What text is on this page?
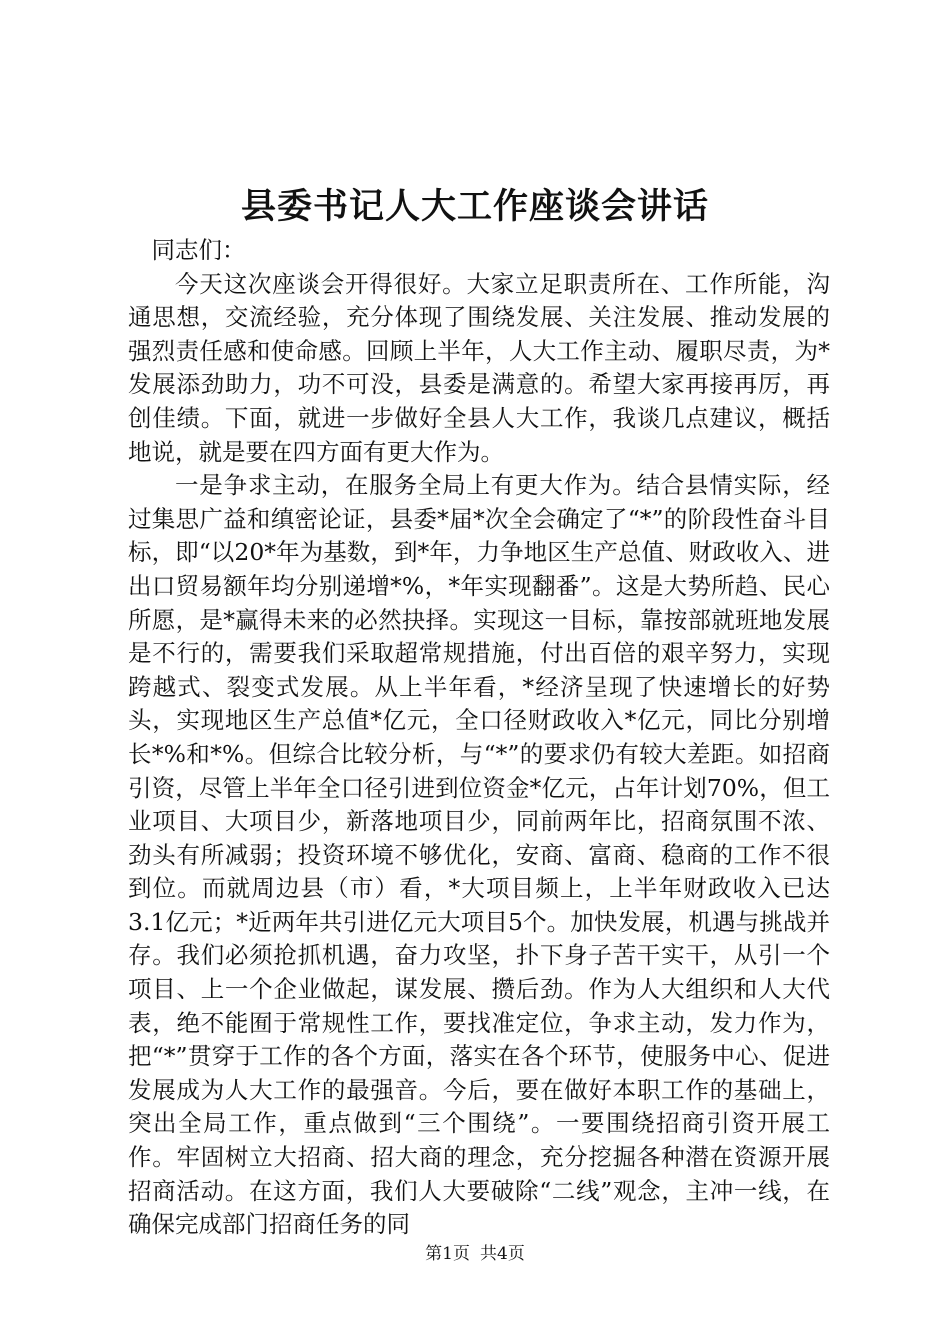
县委书记人大工作座谈会讲话

同志们：

今天这次座谈会开得很好。大家立足职责所在、工作所能，沟通思想，交流经验，充分体现了围绕发展、关注发展、推动发展的强烈责任感和使命感。回顾上半年，人大工作主动、履职尽责，为*发展添劲助力，功不可没，县委是满意的。希望大家再接再厉，再创佳绩。下面，就进一步做好全县人大工作，我谈几点建议，概括地说，就是要在四方面有更大作为。

一是争求主动，在服务全局上有更大作为。结合县情实际，经过集思广益和缜密论证，县委*届*次全会确定了“*”的阶段性奋斗目标，即“以20*年为基数，到*年，力争地区生产总值、财政收入、进出口贸易额年均分别递增*%，*年实现翻番”。这是大势所趋、民心所愿，是*赢得未来的必然抉择。实现这一目标，靠按部就班地发展是不行的，需要我们采取超常规措施，付出百倍的艰辛努力，实现跨越式、裂变式发展。从上半年看，*经济呈现了快速增长的好势头，实现地区生产总值*亿元，全口径财政收入*亿元，同比分别增长*%和*%。但综合比较分析，与“*”的要求仍有较大差距。如招商引资，尽管上半年全口径引进到位资金*亿元，占年计划70%，但工业项目、大项目少，新落地项目少，同前两年比，招商氛围不浓、劲头有所减弱；投资环境不够优化，安商、富商、稳商的工作不很到位。而就周边县（市）看，*大项目频上，上半年财政收入已达3.1亿元；*近两年共引进亿元大项目5个。加快发展，机遇与挑战并存。我们必须抢抓机遇，奋力攻坚，扑下身子苦干实干，从引一个项目、上一个企业做起，谋发展、攒后劲。作为人大组织和人大代表，绝不能囿于常规性工作，要找准定位，争求主动，发力作为，把“*”贯穿于工作的各个方面，落实在各个环节，使服务中心、促进发展成为人大工作的最强音。今后，要在做好本职工作的基础上，突出全局工作，重点做到“三个围绕”。一要围绕招商引资开展工作。牢固树立大招商、招大商的理念，充分挖掘各种潜在资源开展招商活动。在这方面，我们人大要破除“二线”观念，主冲一线，在确保完成部门招商任务的同

第1页 共4页
